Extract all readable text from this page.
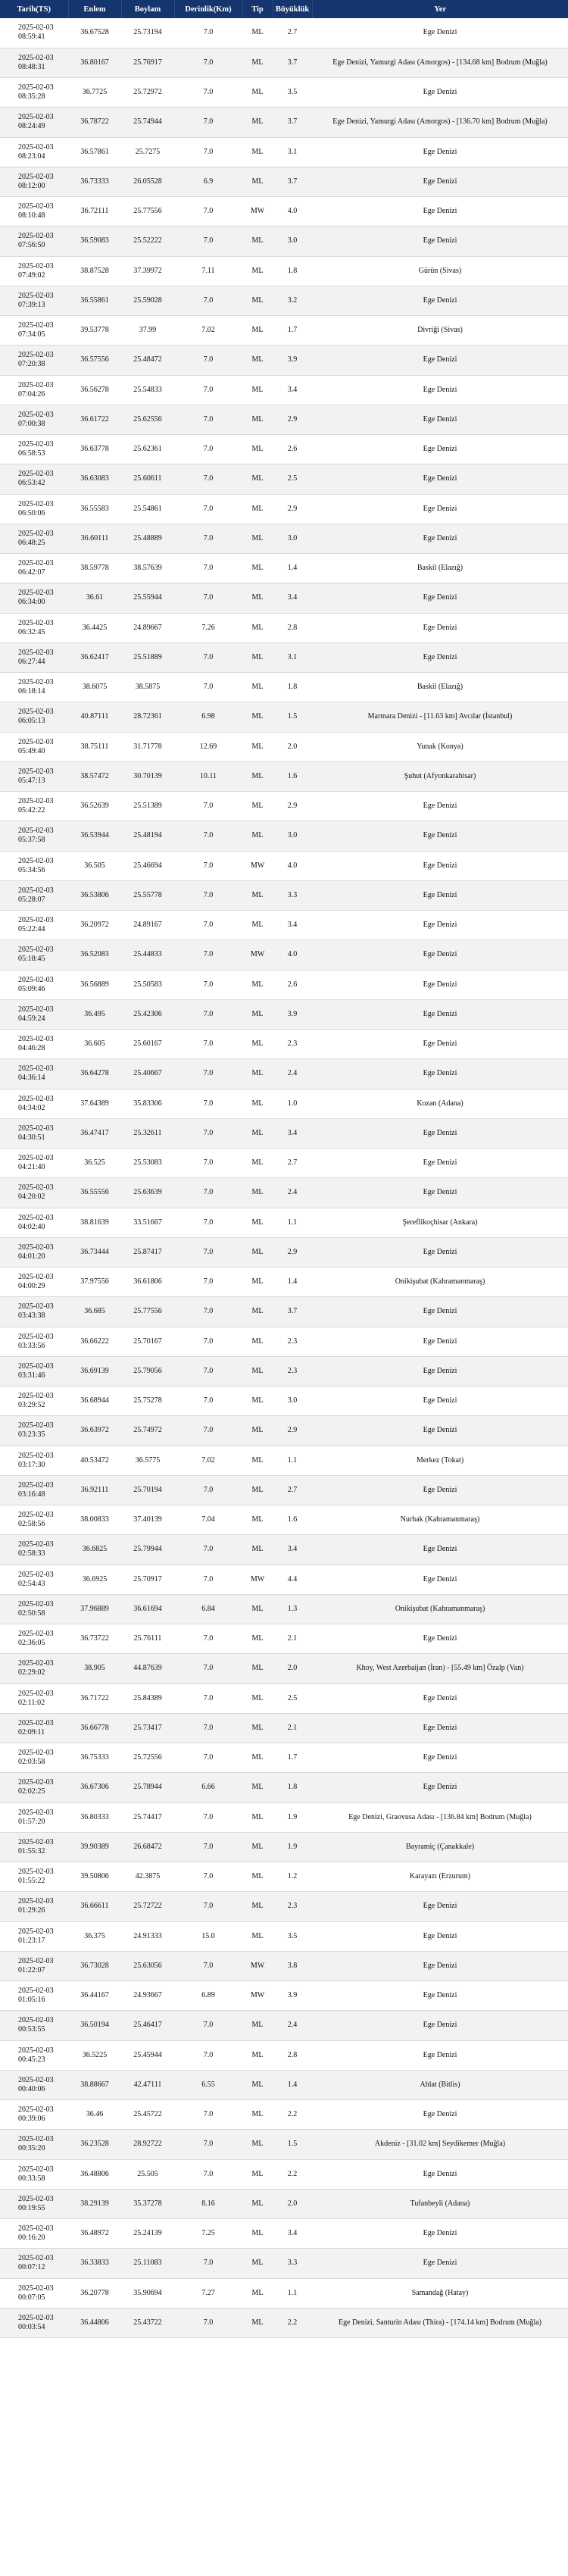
Tarih(TS)	Enlem	Boylam	Derinlik(Km)	Tip	Büyüklük	Yer
2025-02-03 08:59:41	36.67528	25.73194	7.0	ML	2.7	Ege Denizi
2025-02-03 08:48:31	36.80167	25.76917	7.0	ML	3.7	Ege Denizi, Yamurgi Adası (Amorgos) - [134.68 km] Bodrum (Muğla)
2025-02-03 08:35:28	36.7725	25.72972	7.0	ML	3.5	Ege Denizi
2025-02-03 08:24:49	36.78722	25.74944	7.0	ML	3.7	Ege Denizi, Yamurgi Adası (Amorgos) - [136.70 km] Bodrum (Muğla)
2025-02-03 08:23:04	36.57861	25.7275	7.0	ML	3.1	Ege Denizi
2025-02-03 08:12:00	36.73333	26.05528	6.9	ML	3.7	Ege Denizi
2025-02-03 08:10:48	36.72111	25.77556	7.0	MW	4.0	Ege Denizi
2025-02-03 07:56:50	36.59083	25.52222	7.0	ML	3.0	Ege Denizi
2025-02-03 07:49:02	38.87528	37.39972	7.11	ML	1.8	Gürün (Sivas)
2025-02-03 07:39:13	36.55861	25.59028	7.0	ML	3.2	Ege Denizi
2025-02-03 07:34:05	39.53778	37.99	7.02	ML	1.7	Divriği (Sivas)
2025-02-03 07:20:38	36.57556	25.48472	7.0	ML	3.9	Ege Denizi
2025-02-03 07:04:26	36.56278	25.54833	7.0	ML	3.4	Ege Denizi
2025-02-03 07:00:38	36.61722	25.62556	7.0	ML	2.9	Ege Denizi
2025-02-03 06:58:53	36.63778	25.62361	7.0	ML	2.6	Ege Denizi
2025-02-03 06:53:42	36.63083	25.60611	7.0	ML	2.5	Ege Denizi
2025-02-03 06:50:06	36.55583	25.54861	7.0	ML	2.9	Ege Denizi
2025-02-03 06:48:25	36.60111	25.48889	7.0	ML	3.0	Ege Denizi
2025-02-03 06:42:07	38.59778	38.57639	7.0	ML	1.4	Baskil (Elazığ)
2025-02-03 06:34:00	36.61	25.55944	7.0	ML	3.4	Ege Denizi
2025-02-03 06:32:45	36.4425	24.89667	7.26	ML	2.8	Ege Denizi
2025-02-03 06:27:44	36.62417	25.51889	7.0	ML	3.1	Ege Denizi
2025-02-03 06:18:14	38.6075	38.5875	7.0	ML	1.8	Baskil (Elazığ)
2025-02-03 06:05:13	40.87111	28.72361	6.98	ML	1.5	Marmara Denizi - [11.63 km] Avcılar (İstanbul)
2025-02-03 05:49:40	38.75111	31.71778	12.69	ML	2.0	Yunak (Konya)
2025-02-03 05:47:13	38.57472	30.70139	10.11	ML	1.6	Şuhut (Afyonkarahisar)
2025-02-03 05:42:22	36.52639	25.51389	7.0	ML	2.9	Ege Denizi
2025-02-03 05:37:58	36.53944	25.48194	7.0	ML	3.0	Ege Denizi
2025-02-03 05:34:56	36.505	25.46694	7.0	MW	4.0	Ege Denizi
2025-02-03 05:28:07	36.53806	25.55778	7.0	ML	3.3	Ege Denizi
2025-02-03 05:22:44	36.20972	24.89167	7.0	ML	3.4	Ege Denizi
2025-02-03 05:18:45	36.52083	25.44833	7.0	MW	4.0	Ege Denizi
2025-02-03 05:09:46	36.56889	25.50583	7.0	ML	2.6	Ege Denizi
2025-02-03 04:59:24	36.495	25.42306	7.0	ML	3.9	Ege Denizi
2025-02-03 04:46:28	36.605	25.60167	7.0	ML	2.3	Ege Denizi
2025-02-03 04:36:14	36.64278	25.40667	7.0	ML	2.4	Ege Denizi
2025-02-03 04:34:02	37.64389	35.83306	7.0	ML	1.0	Kozan (Adana)
2025-02-03 04:30:51	36.47417	25.32611	7.0	ML	3.4	Ege Denizi
2025-02-03 04:21:40	36.525	25.53083	7.0	ML	2.7	Ege Denizi
2025-02-03 04:20:02	36.55556	25.63639	7.0	ML	2.4	Ege Denizi
2025-02-03 04:02:40	38.81639	33.51667	7.0	ML	1.1	Şereflikoçhisar (Ankara)
2025-02-03 04:01:20	36.73444	25.87417	7.0	ML	2.9	Ege Denizi
2025-02-03 04:00:29	37.97556	36.61806	7.0	ML	1.4	Onikişubat (Kahramanmaraş)
2025-02-03 03:43:38	36.685	25.77556	7.0	ML	3.7	Ege Denizi
2025-02-03 03:33:56	36.66222	25.70167	7.0	ML	2.3	Ege Denizi
2025-02-03 03:31:46	36.69139	25.79056	7.0	ML	2.3	Ege Denizi
2025-02-03 03:29:52	36.68944	25.75278	7.0	ML	3.0	Ege Denizi
2025-02-03 03:23:35	36.63972	25.74972	7.0	ML	2.9	Ege Denizi
2025-02-03 03:17:30	40.53472	36.5775	7.02	ML	1.1	Merkez (Tokat)
2025-02-03 03:16:48	36.92111	25.70194	7.0	ML	2.7	Ege Denizi
2025-02-03 02:58:56	38.00833	37.40139	7.04	ML	1.6	Nurhak (Kahramanmaraş)
2025-02-03 02:58:33	36.6825	25.79944	7.0	ML	3.4	Ege Denizi
2025-02-03 02:54:43	36.6925	25.70917	7.0	MW	4.4	Ege Denizi
2025-02-03 02:50:58	37.96889	36.61694	6.84	ML	1.3	Onikişubat (Kahramanmaraş)
2025-02-03 02:36:05	36.73722	25.76111	7.0	ML	2.1	Ege Denizi
2025-02-03 02:29:02	38.905	44.87639	7.0	ML	2.0	Khoy, West Azerbaijan (İran) - [55.49 km] Özalp (Van)
2025-02-03 02:11:02	36.71722	25.84389	7.0	ML	2.5	Ege Denizi
2025-02-03 02:09:11	36.66778	25.73417	7.0	ML	2.1	Ege Denizi
2025-02-03 02:03:58	36.75333	25.72556	7.0	ML	1.7	Ege Denizi
2025-02-03 02:02:25	36.67306	25.78944	6.66	ML	1.8	Ege Denizi
2025-02-03 01:57:20	36.80333	25.74417	7.0	ML	1.9	Ege Denizi, Graovusa Adası - [136.84 km] Bodrum (Muğla)
2025-02-03 01:55:32	39.90389	26.68472	7.0	ML	1.9	Bayramiç (Çanakkale)
2025-02-03 01:55:22	39.50806	42.3875	7.0	ML	1.2	Karayazı (Erzurum)
2025-02-03 01:29:26	36.66611	25.72722	7.0	ML	2.3	Ege Denizi
2025-02-03 01:23:17	36.375	24.91333	15.0	ML	3.5	Ege Denizi
2025-02-03 01:22:07	36.73028	25.63056	7.0	MW	3.8	Ege Denizi
2025-02-03 01:05:16	36.44167	24.93667	6.89	MW	3.9	Ege Denizi
2025-02-03 00:53:55	36.50194	25.46417	7.0	ML	2.4	Ege Denizi
2025-02-03 00:45:23	36.5225	25.45944	7.0	ML	2.8	Ege Denizi
2025-02-03 00:40:06	38.88667	42.47111	6.55	ML	1.4	Ahlat (Bitlis)
2025-02-03 00:39:06	36.46	25.45722	7.0	ML	2.2	Ege Denizi
2025-02-03 00:35:20	36.23528	28.92722	7.0	ML	1.5	Akdeniz - [31.02 km] Seydikemer (Muğla)
2025-02-03 00:33:58	36.48806	25.505	7.0	ML	2.2	Ege Denizi
2025-02-03 00:19:55	38.29139	35.37278	8.16	ML	2.0	Tufanbeyli (Adana)
2025-02-03 00:16:20	36.48972	25.24139	7.25	ML	3.4	Ege Denizi
2025-02-03 00:07:12	36.33833	25.11083	7.0	ML	3.3	Ege Denizi
2025-02-03 00:07:05	36.20778	35.90694	7.27	ML	1.1	Samandağ (Hatay)
2025-02-03 00:03:54	36.44806	25.43722	7.0	ML	2.2	Ege Denizi, Santurin Adası (Thira) - [174.14 km] Bodrum (Muğla)
